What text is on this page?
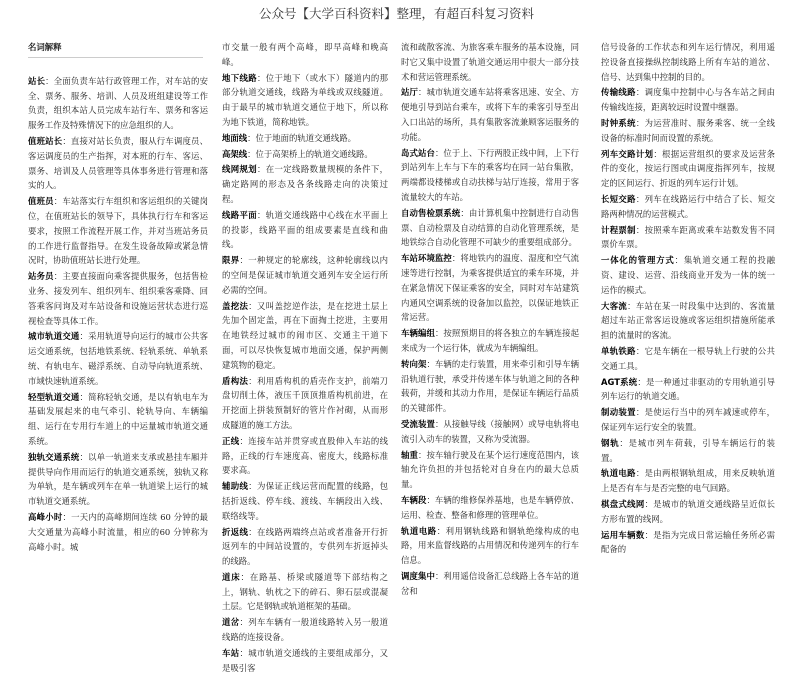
公众号【大学百科资料】整理，有超百科复习资料
名词解释
站长：全面负责车站行政管理工作，对车站的安全、票务、服务、培训、人员及班组建设等工作负责，组织本站人员完成车站行车、票务和客运服务工作及特殊情况下的应急组织的人。
值班站长：直接对站长负责，服从行车调度员、客运调度员的生产指挥，对本班的行车、客运、票务、培训及人员管理等具体事务进行管理和落实的人。
值班员：车站落实行车组织和客运组织的关键岗位，在值班站长的领导下，具体执行行车和客运要求，按照工作流程开展工作，并对当班站务员的工作进行监督指导。在发生设备故障或紧急情况时，协助值班站长进行处理。
站务员：主要直接面向乘客提供服务，包括售检业务、接发列车、组织列车、组织乘客乘降、回答乘客问询及对车站设备和设施运营状态进行巡视检查等具体工作。
城市轨道交通：采用轨道导向运行的城市公共客运交通系统，包括地铁系统、轻轨系统、单轨系统、有轨电车、磁浮系统、自动导向轨道系统、市域快速轨道系统。
轻型轨道交通：简称轻轨交通，是以有轨电车为基础发展起来的电气牵引、轮轨导向、车辆编组、运行在专用行车道上的中运量城市轨道交通系统。
独轨交通系统：以单一轨道来支承或悬挂车厢并提供导向作用而运行的轨道交通系统，独轨又称为单轨，是车辆或列车在单一轨道梁上运行的城市轨道交通系统。
高峰小时：一天内的高峰期间连续 60 分钟的最大交通量为高峰小时流量，相应的60 分钟称为高峰小时。城
市交量一般有两个高峰，即早高峰和晚高峰。
地下线路：位于地下（或水下）隧道内的那部分轨道交通线，线路为单线或双线隧道。由于最早的城市轨道交通位于地下，所以称为地下铁道，简称地铁。
地面线：位于地面的轨道交通线路。
高架线：位于高架桥上的轨道交通线路。
线网规划：在一定线路数量规模的条件下，确定路网的形态及各条线路走向的决策过程。
线路平面：轨道交通线路中心线在水平面上的投影，线路平面的组成要素是直线和曲线。
限界：一种规定的轮廓线，这种轮廓线以内的空间是保证城市轨道交通列车安全运行所必需的空间。
盖挖法：又叫盖挖逆作法，是在挖进土层上先加个固定盖，再在下面掏土挖进，主要用在地铁经过城市的闹市区、交通主干道下面，可以尽快恢复城市地面交通，保护两侧建筑物的稳定。
盾构法：利用盾构机的盾壳作支护，前端刀盘切削土体，液压千顶顶推盾构机前进，在开挖面上拼装预制好的管片作衬砌，从而形成隧道的施工方法。
正线：连接车站并贯穿或直股伸入车站的线路，正线的行车速度高、密度大，线路标准要求高。
辅助线：为保证正线运营而配置的线路，包括折返线、停车线、渡线、车辆段出入线、联络线等。
折返线：在线路两端终点站或者准备开行折返列车的中间站设置的，专供列车折返掉头的线路。
道床：在路基、桥梁或隧道等下部结构之上，钢轨、轨枕之下的碎石、卵石层或混凝土层。它是钢轨或轨道框架的基础。
道岔：列车车辆有一般道线路转入另一般道线路的连接设备。
车站：城市轨道交通线的主要组成部分，又是吸引客
流和疏散客流、为旅客乘车服务的基本设施，同时它又集中设置了轨道交通运用中很大一部分技术和营运管理系统。
站厅：城市轨道交通车站将乘客迅速、安全、方便地引导到站台乘车，或将下车的乘客引导至出入口出站的场所，具有集散客流兼顾客运服务的功能。
岛式站台：位于上、下行两股正线中间，上下行到站列车上车与下车的乘客均在同一站台集散，两端都设楼梯或自动扶梯与站厅连接，常用于客流量较大的车站。
自动售检票系统：由计算机集中控制进行自动售票、自动检票及自动结算的自动化管理系统，是地铁综合自动化管理不可缺少的重要组成部分。
车站环境监控：将地铁内的温度、湿度和空气流速等进行控制，为乘客提供适宜的乘车环境，并在紧急情况下保证乘客的安全，同时对车站建筑内通风空调系统的设备加以监控，以保证地铁正常运营。
车辆编组：按照预期目的将各独立的车辆连接起来成为一个运行体，就成为车辆编组。
转向架：车辆的走行装置，用来牵引和引导车辆沿轨道行驶，承受并传递车体与轨道之间的各种载荷，并缓和其动力作用，是保证车辆运行品质的关键部件。
受流装置：从接触导线（接触网）或导电轨将电流引入动车的装置，又称为受流器。
轴重：按车轴行驶及在某个运行速度范围内，该轴允许负担的并包括轮对自身在内的最大总质量。
车辆段：车辆的维修保养基地，也是车辆停放、运用、检查、整备和修理的管理单位。
轨道电路：利用钢轨线路和钢轨绝缘构成的电路，用来监督线路的占用情况和传递列车的行车信息。
调度集中：利用遥信设备汇总线路上各车站的道岔和
信号设备的工作状态和列车运行情况，利用遥控设备直接操纵控制线路上所有车站的道岔、信号、达到集中控制的目的。
传输线路：调度集中控制中心与各车站之间由传输线连接，距离较远时设置中继器。
时钟系统：为运营准时、服务乘客、统一全线设备的标准时间而设置的系统。
列车交路计划：根据运营组织的要求及运营条件的变化，按运行图或由调度指挥列车，按规定的区间运行、折返的列车运行计划。
长短交路：列车在线路运行中结合了长、短交路两种情况的运营模式。
计程票制：按照乘车距离或乘车站数发售不同票价车票。
一体化的管理方式：集轨道交通工程的投融资、建设、运营、沿线商业开发为一体的统一运作的模式。
大客流：车站在某一时段集中达到的、客流量超过车站正常客运设施或客运组织措施所能承担的流量时的客流。
单轨铁路：它是车辆在一根导轨上行驶的公共交通工具。
AGT系统：是一种通过非驱动的专用轨道引导列车运行的轨道交通。
制动装置：是使运行当中的列车减速或停车，保证列车运行安全的装置。
钢轨：是城市列车荷载，引导车辆运行的装置。
轨道电路：是由两根钢轨组成，用来反映轨道上是否有车与是否完整的电气回路。
棋盘式线网：是城市的轨道交通线路呈近似长方形布置的线网。
运用车辆数：是指为完成日常运输任务所必需配备的
